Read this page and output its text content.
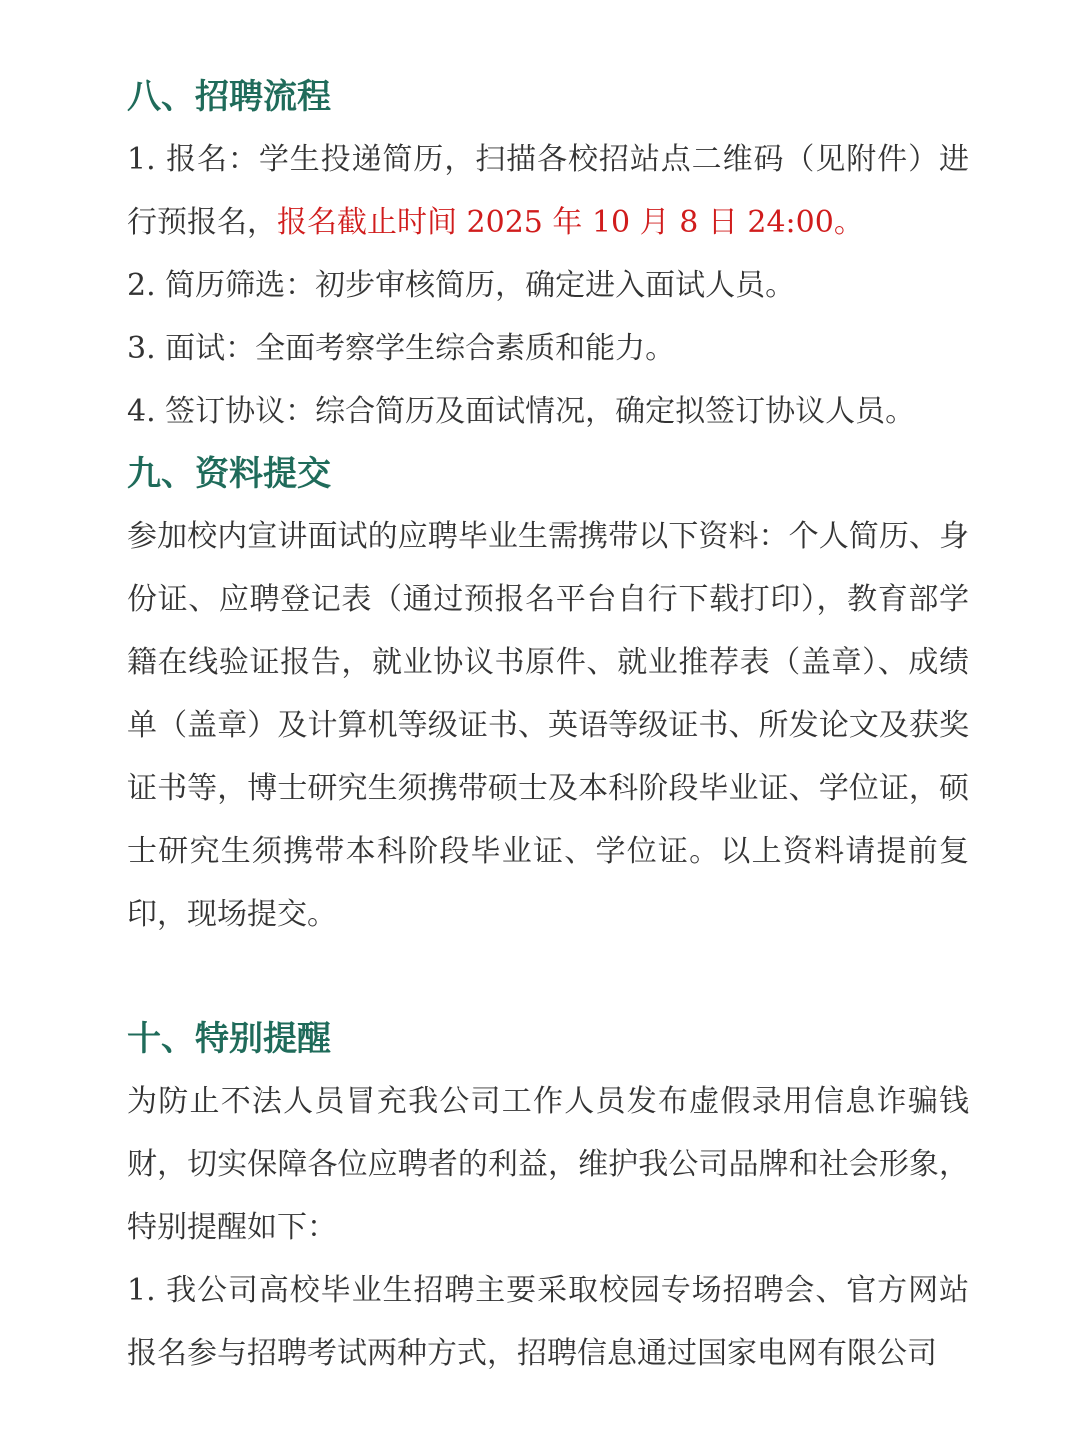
八、招聘流程

1. 报名：学生投递简历，扫描各校招站点二维码（见附件）进行预报名，报名截止时间 2025 年 10 月 8 日 24:00。

2. 简历筛选：初步审核简历，确定进入面试人员。

3. 面试：全面考察学生综合素质和能力。

4. 签订协议：综合简历及面试情况，确定拟签订协议人员。

九、资料提交

参加校内宣讲面试的应聘毕业生需携带以下资料：个人简历、身份证、应聘登记表（通过预报名平台自行下载打印），教育部学籍在线验证报告，就业协议书原件、就业推荐表（盖章）、成绩单（盖章）及计算机等级证书、英语等级证书、所发论文及获奖证书等，博士研究生须携带硕士及本科阶段毕业证、学位证，硕士研究生须携带本科阶段毕业证、学位证。以上资料请提前复印，现场提交。

十、特别提醒

为防止不法人员冒充我公司工作人员发布虚假录用信息诈骗钱财，切实保障各位应聘者的利益，维护我公司品牌和社会形象，特别提醒如下：

1. 我公司高校毕业生招聘主要采取校园专场招聘会、官方网站报名参与招聘考试两种方式，招聘信息通过国家电网有限公司
